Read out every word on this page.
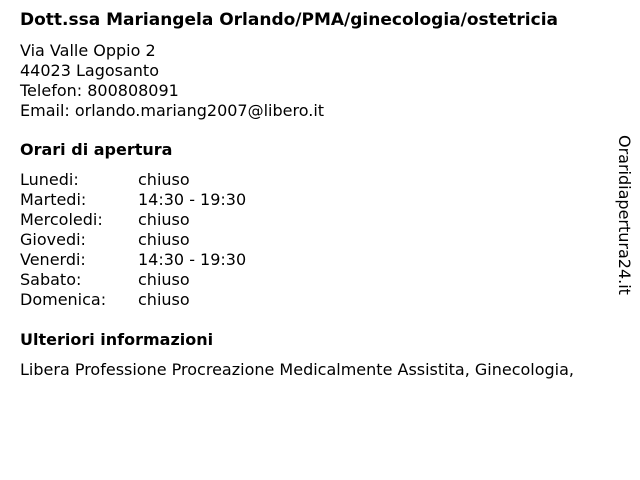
Dott.ssa Mariangela Orlando/PMA/ginecologia/ostetricia
Via Valle Oppio 2
44023 Lagosanto
Telefon: 800808091
Email: orlando.mariang2007@libero.it
Orari di apertura
Lunedi:	chiuso
Martedi:	14:30 - 19:30
Mercoledi:	chiuso
Giovedi:	chiuso
Venerdi:	14:30 - 19:30
Sabato:	chiuso
Domenica:	chiuso
Ulteriori informazioni
Libera Professione Procreazione Medicalmente Assistita, Ginecologia,
Oraridiapertura24.it
